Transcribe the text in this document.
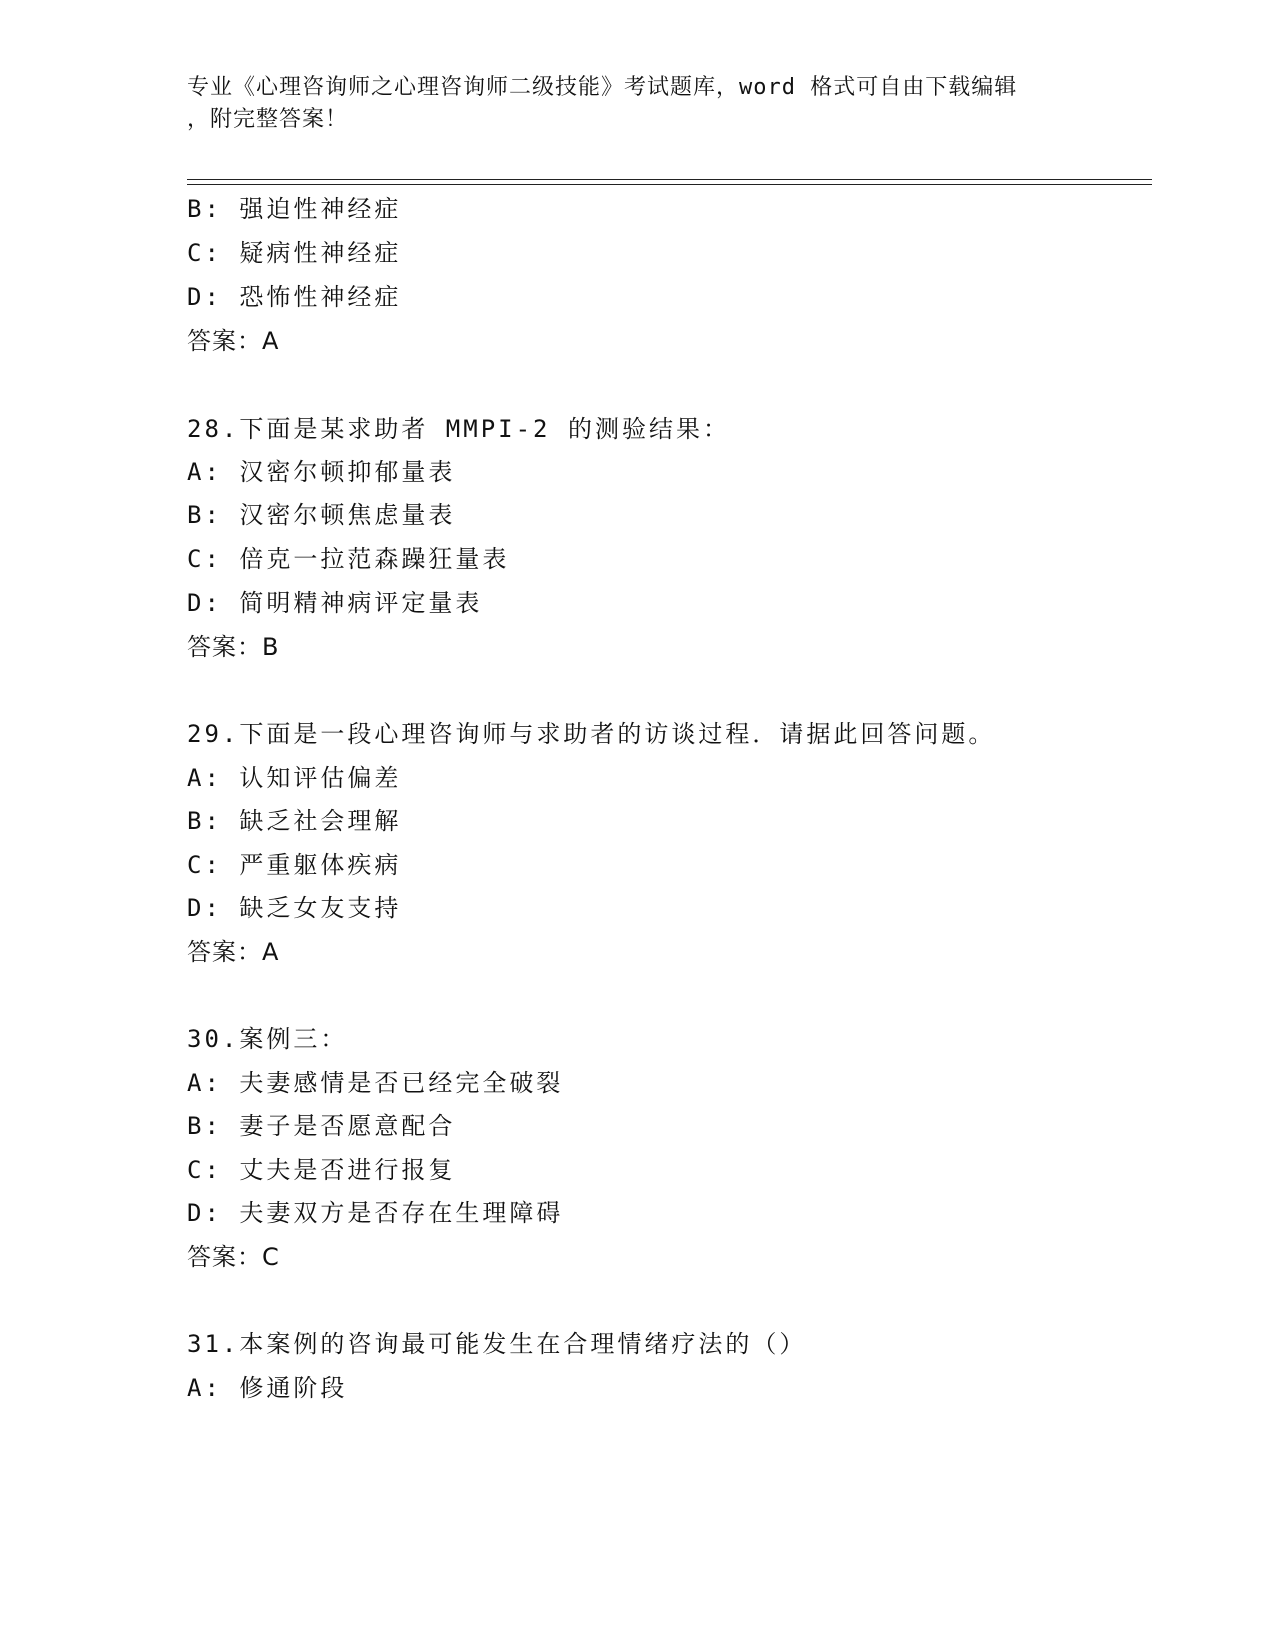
专业《心理咨询师之心理咨询师二级技能》考试题库，word 格式可自由下载编辑
，附完整答案！
B: 强迫性神经症
C: 疑病性神经症
D: 恐怖性神经症
答案：A
28.下面是某求助者 MMPI-2 的测验结果：
A: 汉密尔顿抑郁量表
B: 汉密尔顿焦虑量表
C: 倍克一拉范森躁狂量表
D: 简明精神病评定量表
答案：B
29.下面是一段心理咨询师与求助者的访谈过程．请据此回答问题。
A: 认知评估偏差
B: 缺乏社会理解
C: 严重躯体疾病
D: 缺乏女友支持
答案：A
30.案例三：
A: 夫妻感情是否已经完全破裂
B: 妻子是否愿意配合
C: 丈夫是否进行报复
D: 夫妻双方是否存在生理障碍
答案：C
31.本案例的咨询最可能发生在合理情绪疗法的（）
A: 修通阶段
